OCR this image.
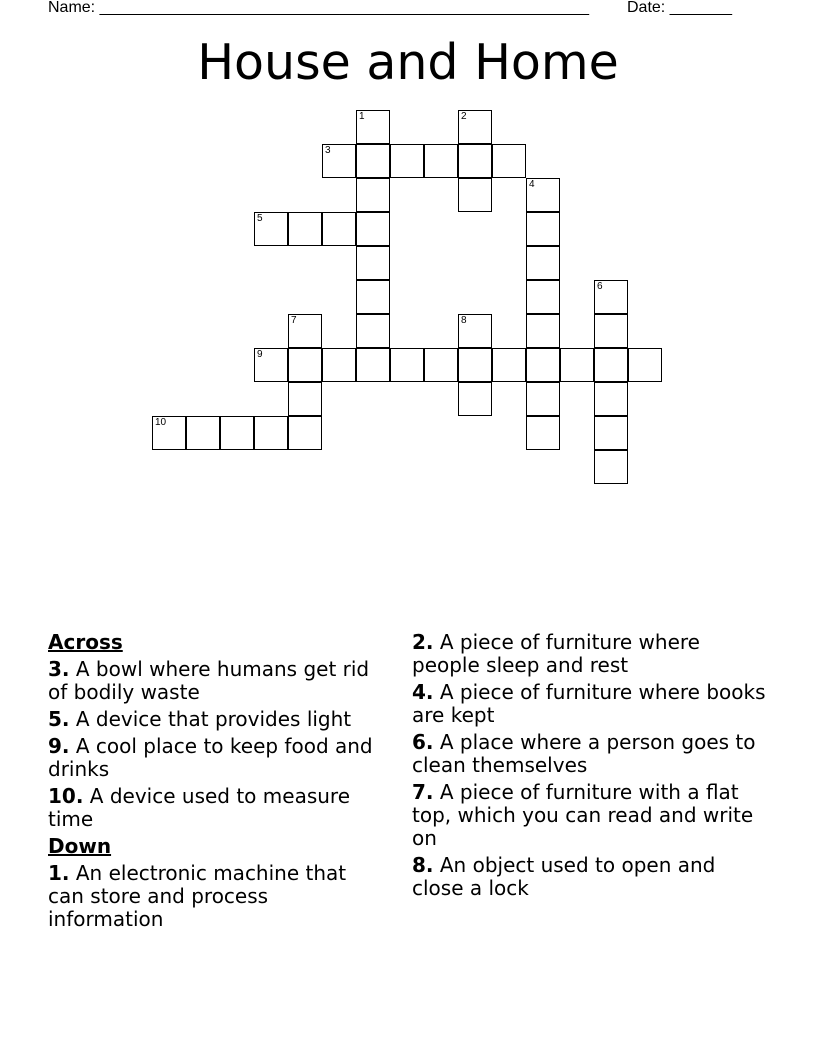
Name: _______________________________________________________ Date: _______
House and Home
1	2
3
4
5
6
7	8
9
10
Across
3. A bowl where humans get rid of bodily waste
5. A device that provides light
9. A cool place to keep food and drinks
10. A device used to measure time
Down
1. An electronic machine that can store and process information
2. A piece of furniture where people sleep and rest
4. A piece of furniture where books are kept
6. A place where a person goes to clean themselves
7. A piece of furniture with a flat top, which you can read and write on
8. An object used to open and close a lock
